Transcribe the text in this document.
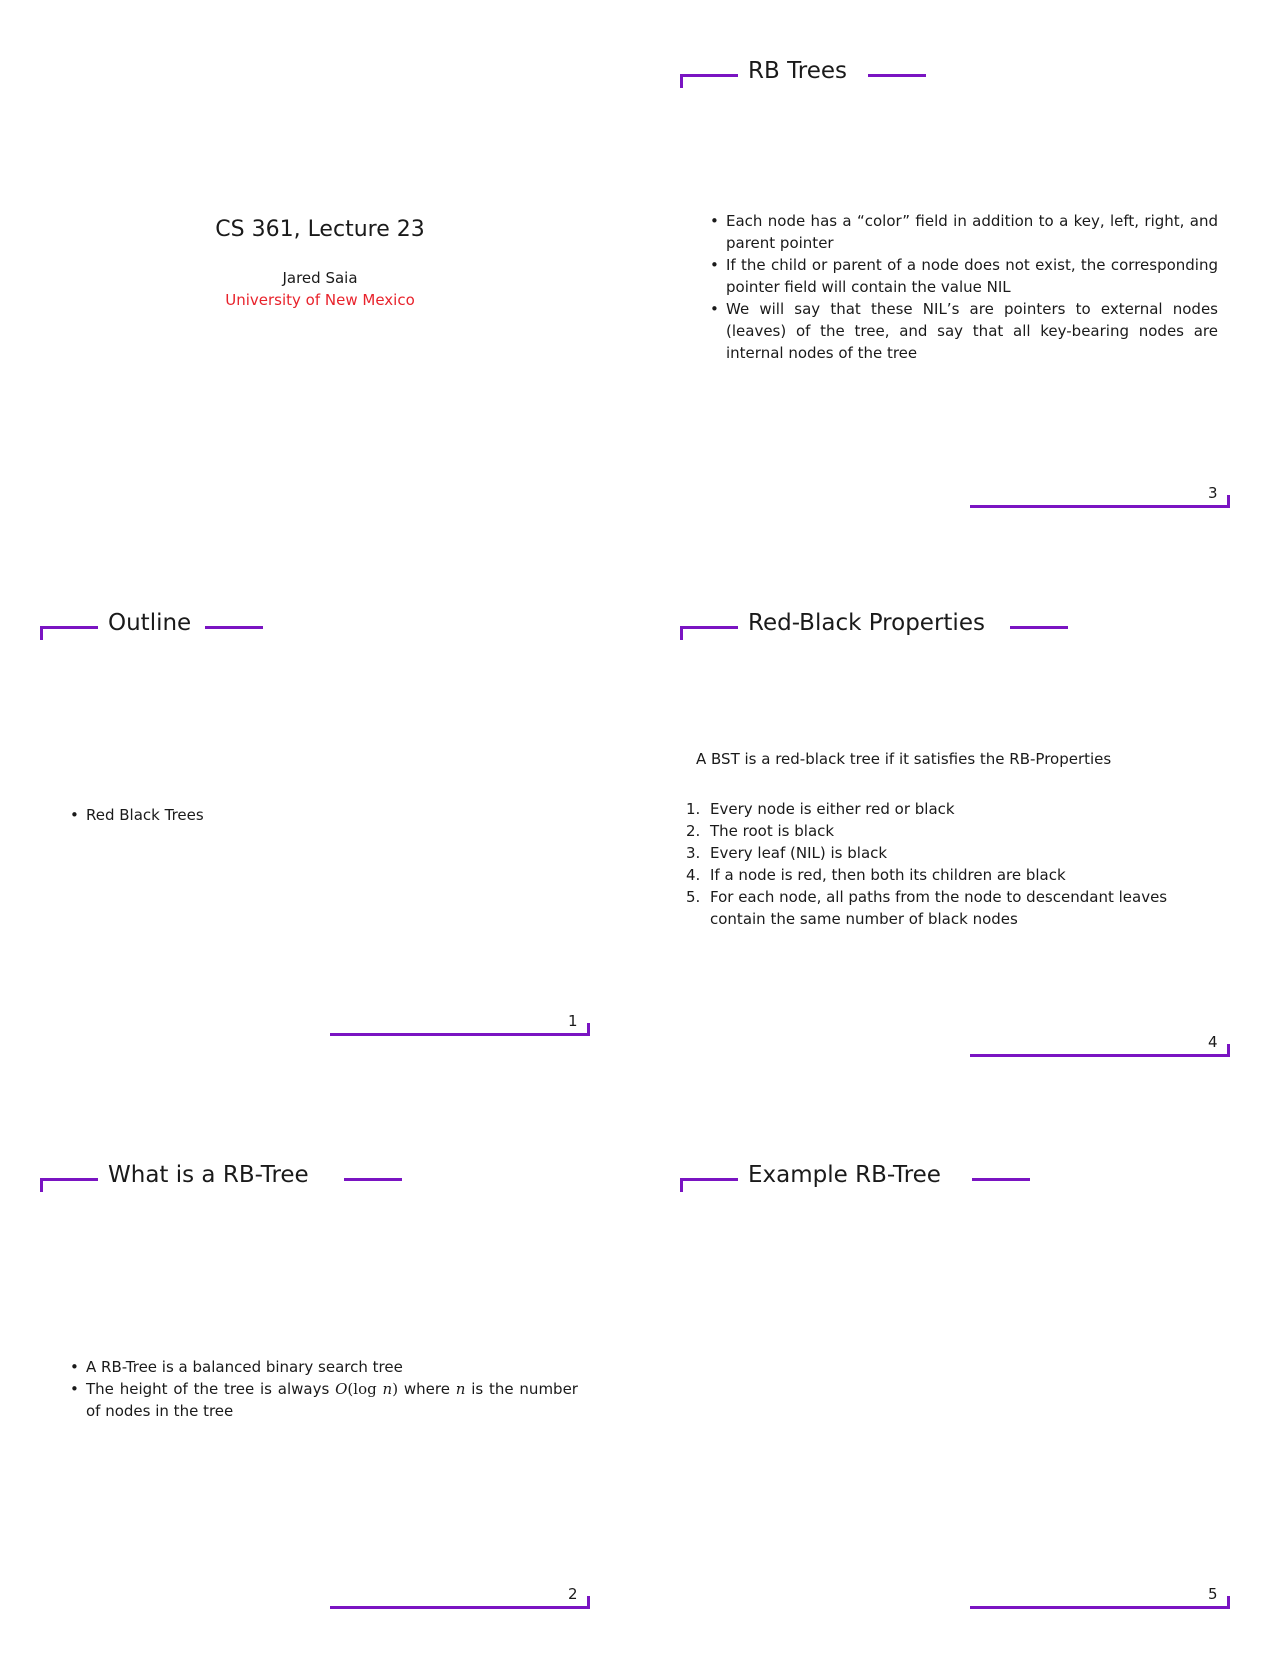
CS 361, Lecture 23
Jared Saia
University of New Mexico
RB Trees
• Each node has a “color” field in addition to a key, left, right, and parent pointer
• If the child or parent of a node does not exist, the corresponding pointer field will contain the value NIL
• We will say that these NIL’s are pointers to external nodes (leaves) of the tree, and say that all key-bearing nodes are internal nodes of the tree
3
Outline
• Red Black Trees
1
Red-Black Properties
A BST is a red-black tree if it satisfies the RB-Properties
1. Every node is either red or black
2. The root is black
3. Every leaf (NIL) is black
4. If a node is red, then both its children are black
5. For each node, all paths from the node to descendant leaves contain the same number of black nodes
4
What is a RB-Tree
• A RB-Tree is a balanced binary search tree
• The height of the tree is always O(log n) where n is the number of nodes in the tree
2
Example RB-Tree
5
